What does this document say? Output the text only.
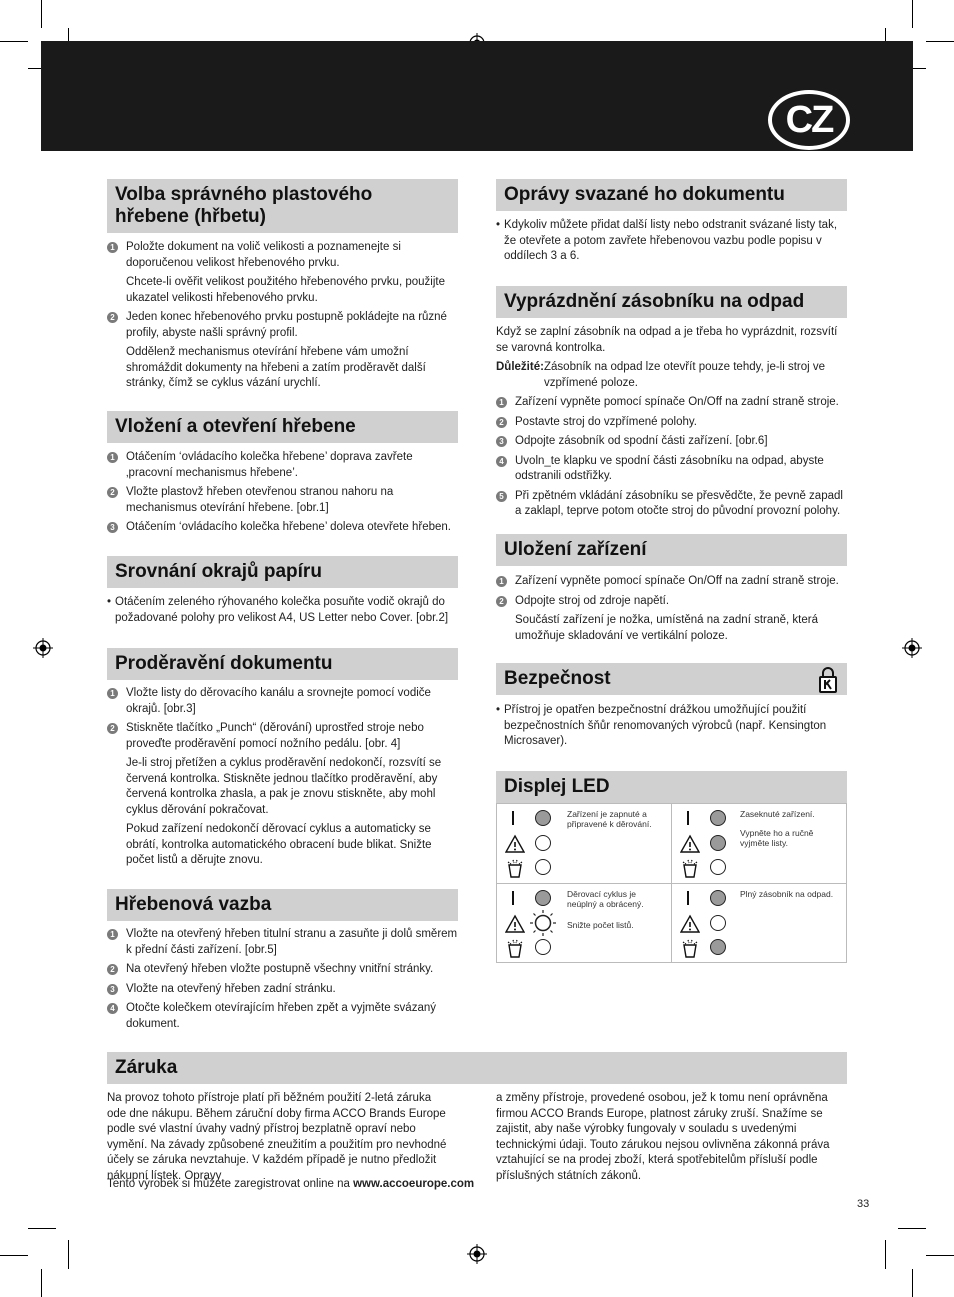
CZ
Volba správného plastového hřebene (hřbetu)
1 Položte dokument na volič velikosti a poznamenejte si doporučenou velikost hřebenového prvku.
Chcete-li ověřit velikost použitého hřebenového prvku, použijte ukazatel velikosti hřebenového prvku.
2 Jeden konec hřebenového prvku postupně pokládejte na různé profily, abyste našli správný profil.
Oddělenž mechanismus otevírání hřebene vám umožní shromáždit dokumenty na hřebeni a zatím proděravět další stránky, čímž se cyklus vázání urychlí.
Vložení a otevření hřebene
1 Otáčením ‘ovládacího kolečka hřebene’ doprava zavřete ‚pracovní mechanismus hřebene’.
2 Vložte plastovž hřeben otevřenou stranou nahoru na mechanismus otevírání hřebene. [obr.1]
3 Otáčením ‘ovládacího kolečka hřebene’ doleva otevřete hřeben.
Srovnání okrajů papíru
• Otáčením zeleného rýhovaného kolečka posuňte vodič okrajů do požadované polohy pro velikost A4, US Letter nebo Cover. [obr.2]
Proděravění dokumentu
1 Vložte listy do děrovacího kanálu a srovnejte pomocí vodiče okrajů. [obr.3]
2 Stiskněte tlačítko „Punch“ (děrování) uprostřed stroje nebo proveďte proděravění pomocí nožního pedálu. [obr. 4]
Je-li stroj přetížen a cyklus proděravění nedokončí, rozsvítí se červená kontrolka. Stiskněte jednou tlačítko proděravění, aby červená kontrolka zhasla, a pak je znovu stiskněte, aby mohl cyklus děrování pokračovat.
Pokud zařízení nedokončí děrovací cyklus a automaticky se obrátí, kontrolka automatického obracení bude blikat. Snižte počet listů a děrujte znovu.
Hřebenová vazba
1 Vložte na otevřený hřeben titulní stranu a zasuňte ji dolů směrem k přední části zařízení. [obr.5]
2 Na otevřený hřeben vložte postupně všechny vnitřní stránky.
3 Vložte na otevřený hřeben zadní stránku.
4 Otočte kolečkem otevírajícím hřeben zpět a vyjměte svázaný dokument.
Oprávy svazané ho dokumentu
• Kdykoliv můžete přidat další listy nebo odstranit svázané listy tak, že otevřete a potom zavřete hřebenovou vazbu podle popisu v oddílech 3 a 6.
Vyprázdnění zásobníku na odpad
Když se zaplní zásobník na odpad a je třeba ho vyprázdnit, rozsvítí se varovná kontrolka.
Důležité: Zásobník na odpad lze otevřít pouze tehdy, je-li stroj ve vzpřímené poloze.
1 Zařízení vypněte pomocí spínače On/Off na zadní straně stroje.
2 Postavte stroj do vzpřímené polohy.
3 Odpojte zásobník od spodní části zařízení. [obr.6]
4 Uvoln_te klapku ve spodní části zásobníku na odpad, abyste odstranili odstřižky.
5 Při zpětném vkládání zásobníku se přesvědčte, že pevně zapadl a zaklapl, teprve potom otočte stroj do původní provozní polohy.
Uložení zařízení
1 Zařízení vypněte pomocí spínače On/Off na zadní straně stroje.
2 Odpojte stroj od zdroje napětí.
Součástí zařízení je nožka, umístěná na zadní straně, která umožňuje skladování ve vertikální poloze.
Bezpečnost
• Přístroj je opatřen bezpečnostní drážkou umožňující použití bezpečnostních šňůr renomovaných výrobců (např. Kensington Microsaver).
Displej LED
Zařízení je zapnuté a připravené k děrování.
Zaseknuté zařízení.
Vypněte ho a ručně vyjměte listy.
Děrovací cyklus je neúplný a obrácený.
Snižte počet listů.
Plný zásobník na odpad.
Záruka
Na provoz tohoto přístroje platí při běžném použití 2-letá záruka ode dne nákupu. Během záruční doby firma ACCO Brands Europe podle své vlastní úvahy vadný přístroj bezplatně opraví nebo vymění. Na závady způsobené zneužitím a použitím pro nevhodné účely se záruka nevztahuje. V každém případě je nutno předložit nákupní lístek. Opravy
a změny přístroje, provedené osobou, jež k tomu není oprávněna firmou ACCO Brands Europe, platnost záruky zruší. Snažíme se zajistit, aby naše výrobky fungovaly v souladu s uvedenými technickými údaji. Touto zárukou nejsou ovlivněna zákonná práva vztahující se na prodej zboží, která spotřebitelům přísluší podle příslušných státních zákonů.
Tento výrobek si můžete zaregistrovat online na www.accoeurope.com
33
